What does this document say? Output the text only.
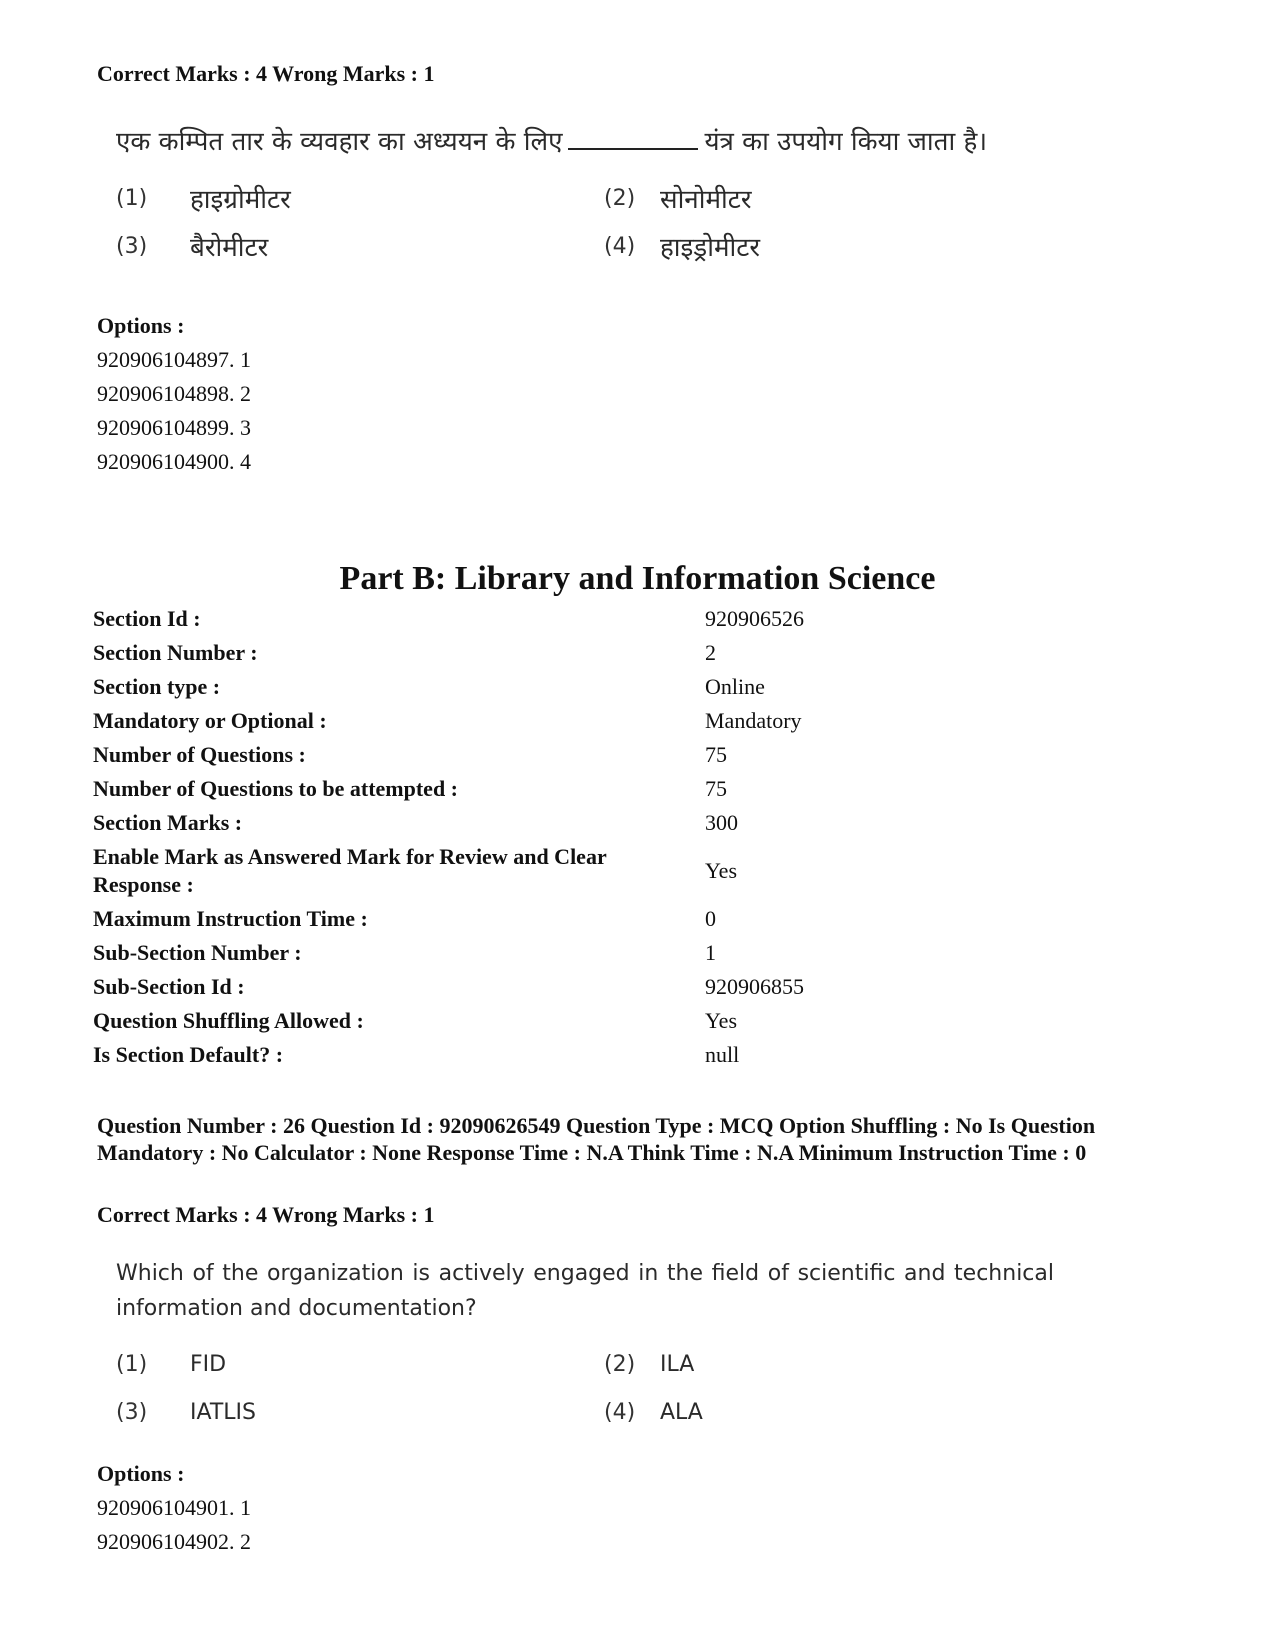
Correct Marks : 4 Wrong Marks : 1
एक कम्पित तार के व्यवहार का अध्ययन के लिए	यंत्र का उपयोग किया जाता है।
(1) हाइग्रोमीटर	(2) सोनोमीटर
(3) बैरोमीटर	(4) हाइड्रोमीटर
Options :
920906104897. 1
920906104898. 2
920906104899. 3
920906104900. 4
Part B: Library and Information Science
Section Id :	920906526
Section Number :	2
Section type :	Online
Mandatory or Optional :	Mandatory
Number of Questions :	75
Number of Questions to be attempted :	75
Section Marks :	300
Enable Mark as Answered Mark for Review and Clear Response :
Yes
Maximum Instruction Time :	0
Sub-Section Number :	1
Sub-Section Id :	920906855
Question Shuffling Allowed :	Yes
Is Section Default? :	null
Question Number : 26 Question Id : 92090626549 Question Type : MCQ Option Shuffling : No Is Question Mandatory : No Calculator : None Response Time : N.A Think Time : N.A Minimum Instruction Time : 0
Correct Marks : 4 Wrong Marks : 1
Which of the organization is actively engaged in the field of scientific and technical information and documentation?
(1) FID	(2) ILA
(3) IATLIS	(4) ALA
Options :
920906104901. 1
920906104902. 2
